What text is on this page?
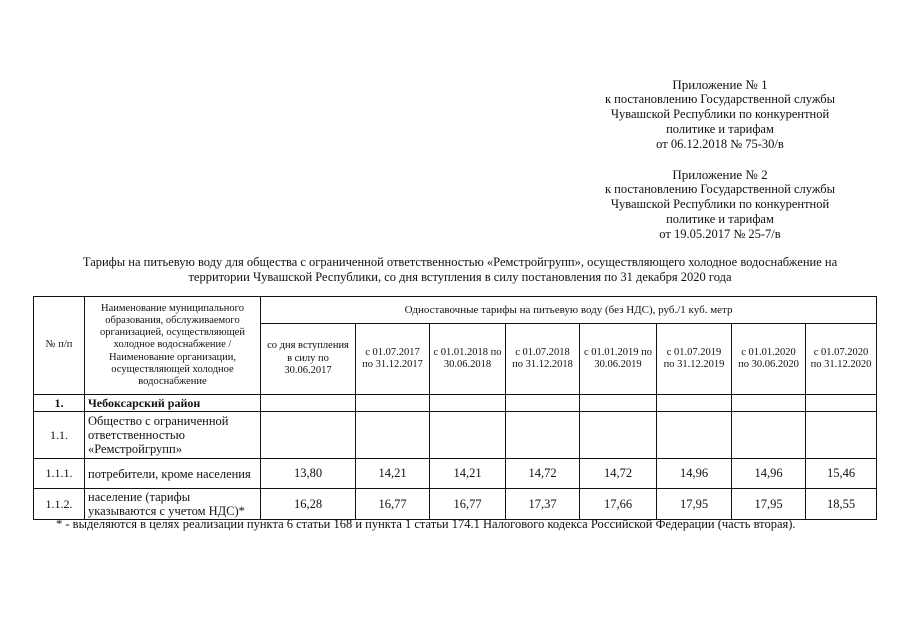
Приложение № 1
к постановлению Государственной службы
Чувашской Республики по конкурентной
политике и тарифам
от 06.12.2018 № 75-30/в
Приложение № 2
к постановлению Государственной службы
Чувашской Республики по конкурентной
политике и тарифам
от 19.05.2017 № 25-7/в
Тарифы на питьевую воду для общества с ограниченной ответственностью «Ремстройгрупп», осуществляющего холодное водоснабжение на
территории Чувашской Республики, со дня вступления в силу постановления по 31 декабря 2020 года
№ п/п	Наименование муниципального образования, обслуживаемого организацией, осуществляющей холодное водоснабжение / Наименование организации, осуществляющей холодное водоснабжение	Одноставочные тарифы на питьевую воду (без НДС), руб./1 куб. метр							
		со дня вступления в силу по 30.06.2017	с 01.07.2017 по 31.12.2017	с 01.01.2018 по 30.06.2018	с 01.07.2018 по 31.12.2018	с 01.01.2019 по 30.06.2019	с 01.07.2019 по 31.12.2019	с 01.01.2020 по 30.06.2020	с 01.07.2020 по 31.12.2020
1.	Чебоксарский район								
1.1.	Общество с ограниченной ответственностью «Ремстройгрупп»								
1.1.1.	потребители, кроме населения	13,80	14,21	14,21	14,72	14,72	14,96	14,96	15,46
1.1.2.	население (тарифы указываются с учетом НДС)*	16,28	16,77	16,77	17,37	17,66	17,95	17,95	18,55
* - выделяются в целях реализации пункта 6 статьи 168 и пункта 1 статьи 174.1 Налогового кодекса Российской Федерации (часть вторая).
